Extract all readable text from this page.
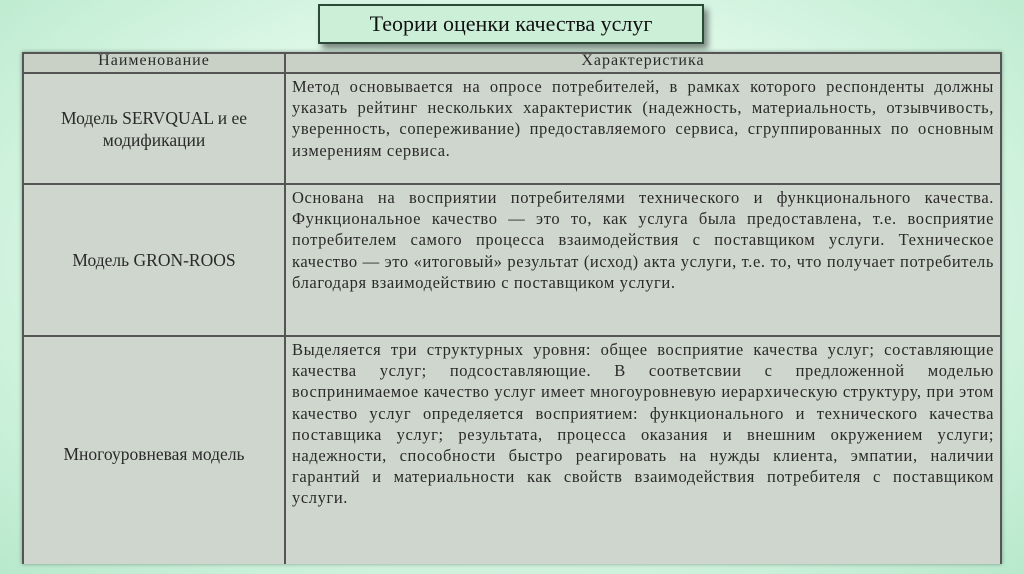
Теории оценки качества услуг
Наименование	Характеристика
Модель SERVQUAL и ее модификации	Метод основывается на опросе потребителей, в рамках которого респонденты должны указать рейтинг нескольких характеристик (надежность, материальность, отзывчивость, уверенность, сопереживание) предоставляемого сервиса, сгруппированных по основным измерениям сервиса.
Модель GRON-ROOS	Основана на восприятии потребителями технического и функционального качества. Функциональное качество — это то, как услуга была предоставлена, т.е. восприятие потребителем самого процесса взаимодействия с поставщиком услуги. Техническое качество — это «итоговый» результат (исход) акта услуги, т.е. то, что получает потребитель благодаря взаимодействию с поставщиком услуги.
Многоуровневая модель	Выделяется три структурных уровня: общее восприятие качества услуг; составляющие качества услуг; подсоставляющие. В соответсвии с предложенной моделью воспринимаемое качество услуг имеет многоуровневую иерархическую структуру, при этом качество услуг определяется восприятием: функционального и технического качества поставщика услуг; результата, процесса оказания и внешним окружением услуги; надежности, способности быстро реагировать на нужды клиента, эмпатии, наличии гарантий и материальности как свойств взаимодействия потребителя с поставщиком услуги.
